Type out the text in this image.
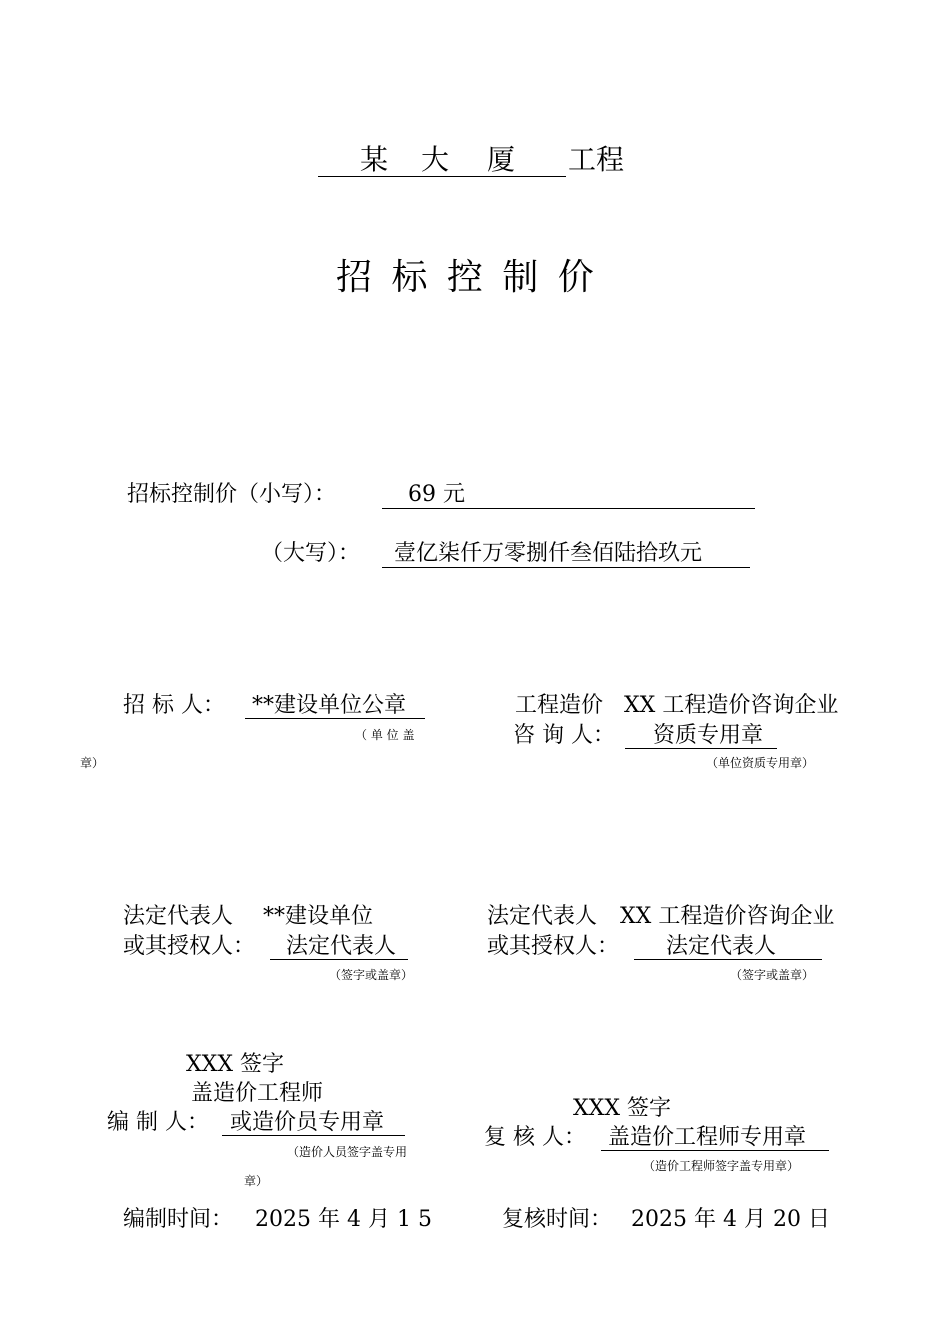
某 大 厦 工程
招 标 控 制 价
招标控制价（小写）：	69 元
（大写）： 壹亿柒仟万零捌仟叁佰陆拾玖元
招 标 人： **建设单位公章
（ 单 位 盖
章）
工程造价 XX 工程造价咨询企业
咨 询 人： 资质专用章
（单位资质专用章）
法定代表人 **建设单位
或其授权人： 法定代表人
（签字或盖章）
法定代表人 XX 工程造价咨询企业
或其授权人： 法定代表人
（签字或盖章）
XXX 签字
盖造价工程师
编 制 人： 或造价员专用章
（造价人员签字盖专用
章）
XXX 签字
复 核 人： 盖造价工程师专用章
（造价工程师签字盖专用章）
编制时间： 2025 年 4 月 1 5	复核时间： 2025 年 4 月 20 日
